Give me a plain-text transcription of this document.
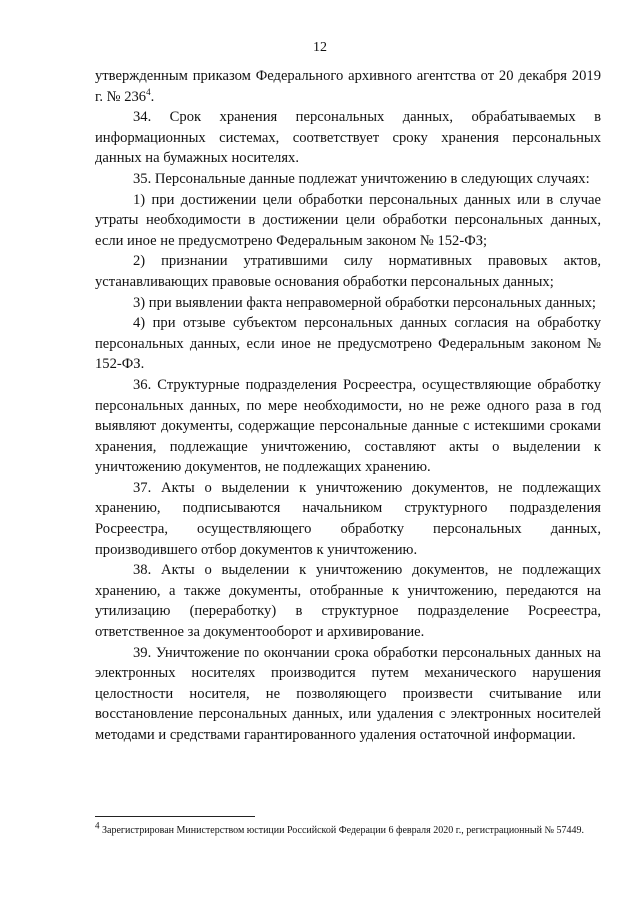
12

утвержденным приказом Федерального архивного агентства от 20 декабря 2019 г. № $236^4$.

34. Срок хранения персональных данных, обрабатываемых в информационных системах, соответствует сроку хранения персональных данных на бумажных носителях.

35. Персональные данные подлежат уничтожению в следующих случаях:

1) при достижении цели обработки персональных данных или в случае утраты необходимости в достижении цели обработки персональных данных, если иное не предусмотрено Федеральным законом № 152-ФЗ;

2) признании утратившими силу нормативных правовых актов, устанавливающих правовые основания обработки персональных данных;

3) при выявлении факта неправомерной обработки персональных данных;

4) при отзыве субъектом персональных данных согласия на обработку персональных данных, если иное не предусмотрено Федеральным законом № 152-ФЗ.

36. Структурные подразделения Росреестра, осуществляющие обработку персональных данных, по мере необходимости, но не реже одного раза в год выявляют документы, содержащие персональные данные с истекшими сроками хранения, подлежащие уничтожению, составляют акты о выделении к уничтожению документов, не подлежащих хранению.

37. Акты о выделении к уничтожению документов, не подлежащих хранению, подписываются начальником структурного подразделения Росреестра, осуществляющего обработку персональных данных, производившего отбор документов к уничтожению.

38. Акты о выделении к уничтожению документов, не подлежащих хранению, а также документы, отобранные к уничтожению, передаются на утилизацию (переработку) в структурное подразделение Росреестра, ответственное за документооборот и архивирование.

39. Уничтожение по окончании срока обработки персональных данных на электронных носителях производится путем механического нарушения целостности носителя, не позволяющего произвести считывание или восстановление персональных данных, или удаления с электронных носителей методами и средствами гарантированного удаления остаточной информации.

$^4$ Зарегистрирован Министерством юстиции Российской Федерации 6 февраля 2020 г., регистрационный № 57449.
